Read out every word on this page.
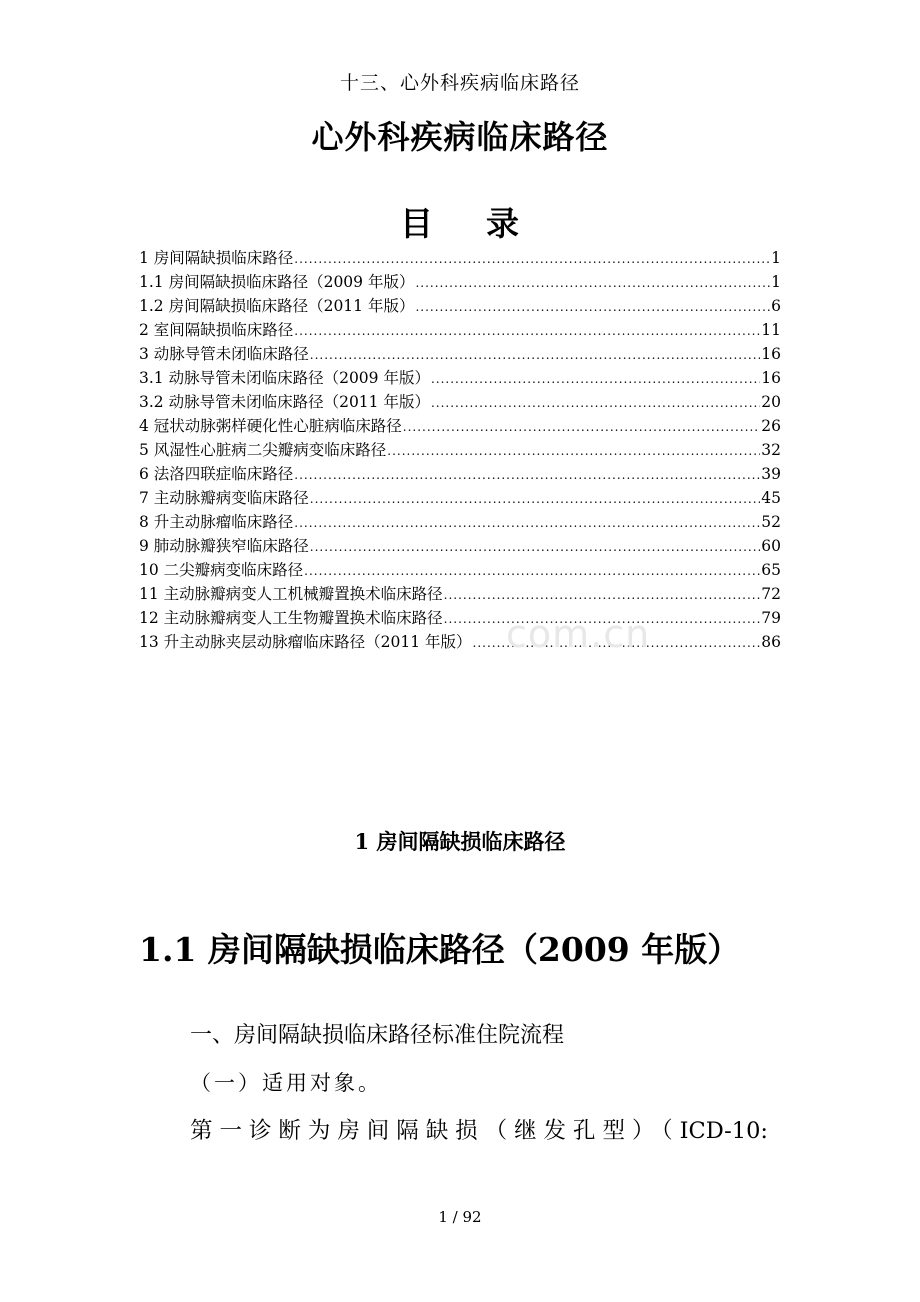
十三、心外科疾病临床路径
心外科疾病临床路径
目 录
1 房间隔缺损临床路径 .....	1
1.1 房间隔缺损临床路径（2009 年版） .....	1
1.2 房间隔缺损临床路径（2011 年版） .....	6
2 室间隔缺损临床路径 .....	11
3 动脉导管未闭临床路径 .....	16
3.1 动脉导管未闭临床路径（2009 年版） .....	16
3.2 动脉导管未闭临床路径（2011 年版） .....	20
4 冠状动脉粥样硬化性心脏病临床路径 .....	26
5 风湿性心脏病二尖瓣病变临床路径 .....	32
6 法洛四联症临床路径 .....	39
7 主动脉瓣病变临床路径 .....	45
8 升主动脉瘤临床路径 .....	52
9 肺动脉瓣狭窄临床路径 .....	60
10 二尖瓣病变临床路径 .....	65
11 主动脉瓣病变人工机械瓣置换术临床路径 .....	72
12 主动脉瓣病变人工生物瓣置换术临床路径 .....	79
13 升主动脉夹层动脉瘤临床路径（2011 年版） .....	86
com.cn
1 房间隔缺损临床路径
1.1 房间隔缺损临床路径（2009 年版）
一、房间隔缺损临床路径标准住院流程
（一）适用对象。
第一诊断为房间隔缺损（继发孔型）（ICD-10:
1 / 92
